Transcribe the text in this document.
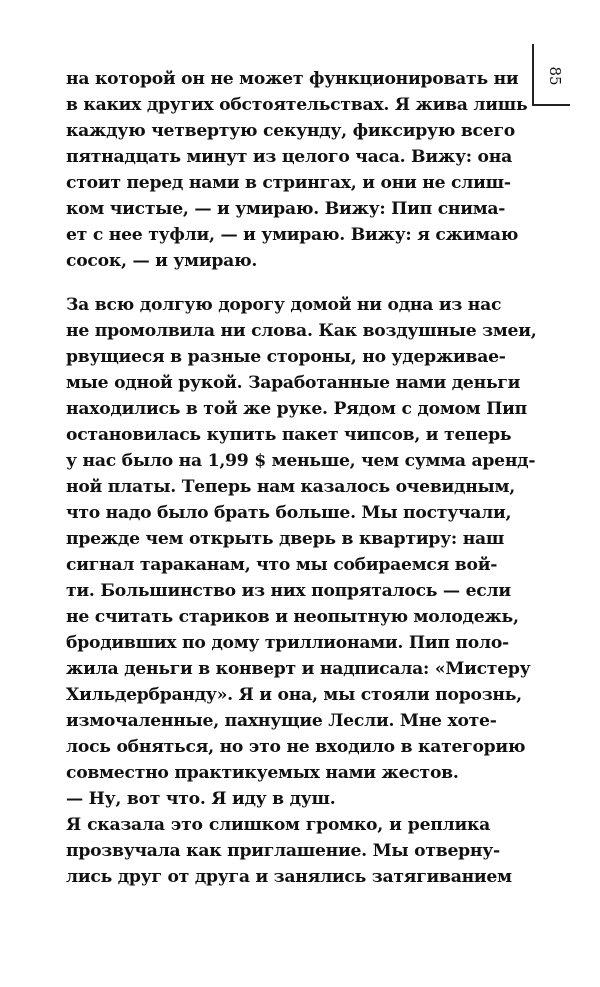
85
на которой он не может функционировать ни
в каких других обстоятельствах. Я жива лишь
каждую четвертую секунду, фиксирую всего
пятнадцать минут из целого часа. Вижу: она
стоит перед нами в стрингах, и они не слиш-
ком чистые, — и умираю. Вижу: Пип снима-
ет с нее туфли, — и умираю. Вижу: я сжимаю
сосок, — и умираю.
За всю долгую дорогу домой ни одна из нас
не промолвила ни слова. Как воздушные змеи,
рвущиеся в разные стороны, но удерживае-
мые одной рукой. Заработанные нами деньги
находились в той же руке. Рядом с домом Пип
остановилась купить пакет чипсов, и теперь
у нас было на 1,99 $ меньше, чем сумма аренд-
ной платы. Теперь нам казалось очевидным,
что надо было брать больше. Мы постучали,
прежде чем открыть дверь в квартиру: наш
сигнал тараканам, что мы собираемся вой-
ти. Большинство из них попряталось — если
не считать стариков и неопытную молодежь,
бродивших по дому триллионами. Пип поло-
жила деньги в конверт и надписала: «Мистеру
Хильдербранду». Я и она, мы стояли порознь,
измочаленные, пахнущие Лесли. Мне хоте-
лось обняться, но это не входило в категорию
совместно практикуемых нами жестов.
— Ну, вот что. Я иду в душ.
Я сказала это слишком громко, и реплика
прозвучала как приглашение. Мы отверну-
лись друг от друга и занялись затягиванием
